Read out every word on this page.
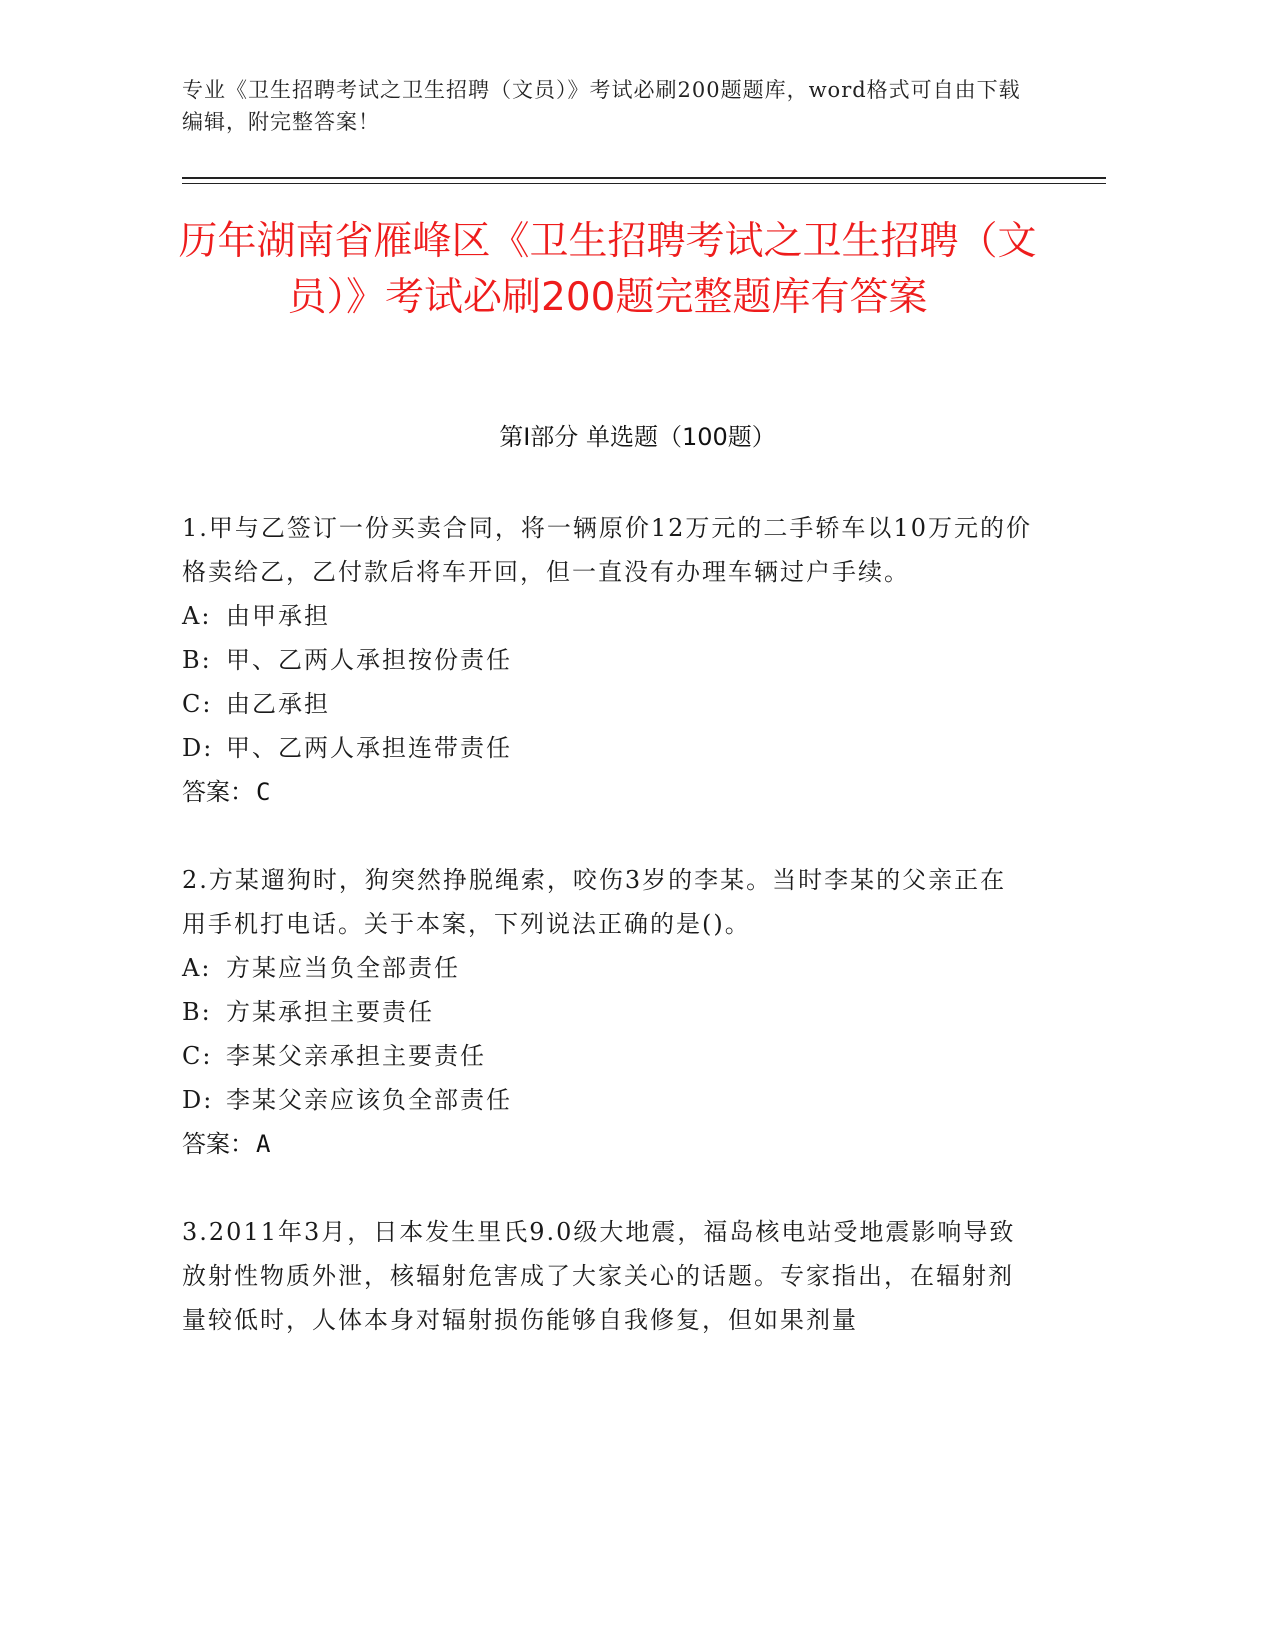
专业《卫生招聘考试之卫生招聘（文员）》考试必刷200题题库，word格式可自由下载编辑，附完整答案！
历年湖南省雁峰区《卫生招聘考试之卫生招聘（文员）》考试必刷200题完整题库有答案
第Ⅰ部分 单选题（100题）
1.甲与乙签订一份买卖合同，将一辆原价12万元的二手轿车以10万元的价格卖给乙，乙付款后将车开回，但一直没有办理车辆过户手续。
A: 由甲承担
B: 甲、乙两人承担按份责任
C: 由乙承担
D: 甲、乙两人承担连带责任
答案：C
2.方某遛狗时，狗突然挣脱绳索，咬伤3岁的李某。当时李某的父亲正在用手机打电话。关于本案，下列说法正确的是()。
A: 方某应当负全部责任
B: 方某承担主要责任
C: 李某父亲承担主要责任
D: 李某父亲应该负全部责任
答案：A
3.2011年3月，日本发生里氏9.0级大地震，福岛核电站受地震影响导致放射性物质外泄，核辐射危害成了大家关心的话题。专家指出，在辐射剂量较低时，人体本身对辐射损伤能够自我修复，但如果剂量
